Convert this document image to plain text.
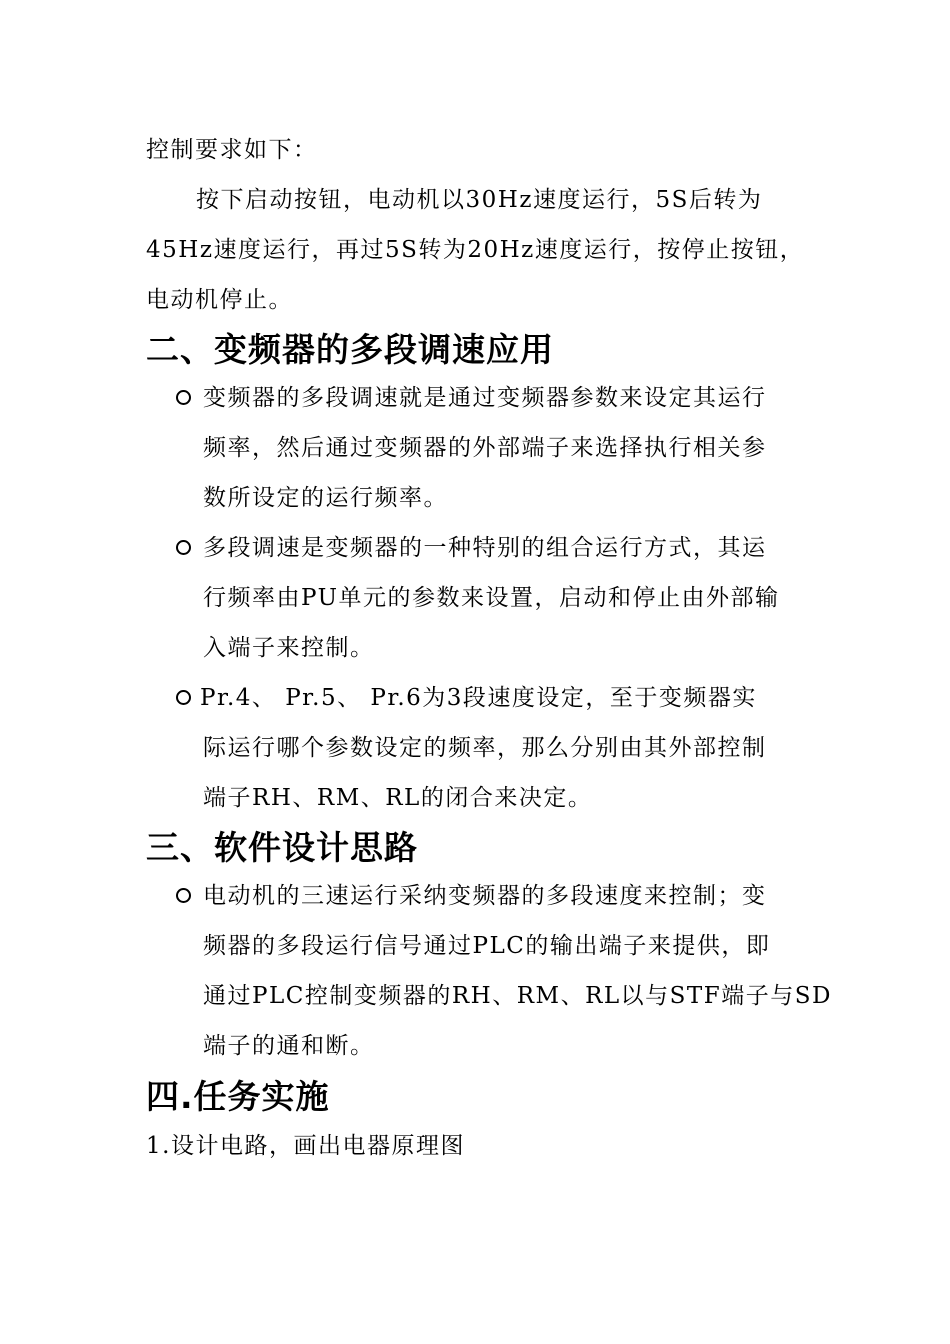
控制要求如下：
按下启动按钮，电动机以30Hz速度运行，5S后转为
45Hz速度运行，再过5S转为20Hz速度运行，按停止按钮，
电动机停止。
二、变频器的多段调速应用
变频器的多段调速就是通过变频器参数来设定其运行
频率，然后通过变频器的外部端子来选择执行相关参
数所设定的运行频率。
多段调速是变频器的一种特别的组合运行方式，其运
行频率由PU单元的参数来设置，启动和停止由外部输
入端子来控制。
Pr.4、 Pr.5、 Pr.6为3段速度设定，至于变频器实
际运行哪个参数设定的频率，那么分别由其外部控制
端子RH、RM、RL的闭合来决定。
三、软件设计思路
电动机的三速运行采纳变频器的多段速度来控制；变
频器的多段运行信号通过PLC的输出端子来提供，即
通过PLC控制变频器的RH、RM、RL以与STF端子与SD
端子的通和断。
四.任务实施
1.设计电路，画出电器原理图
